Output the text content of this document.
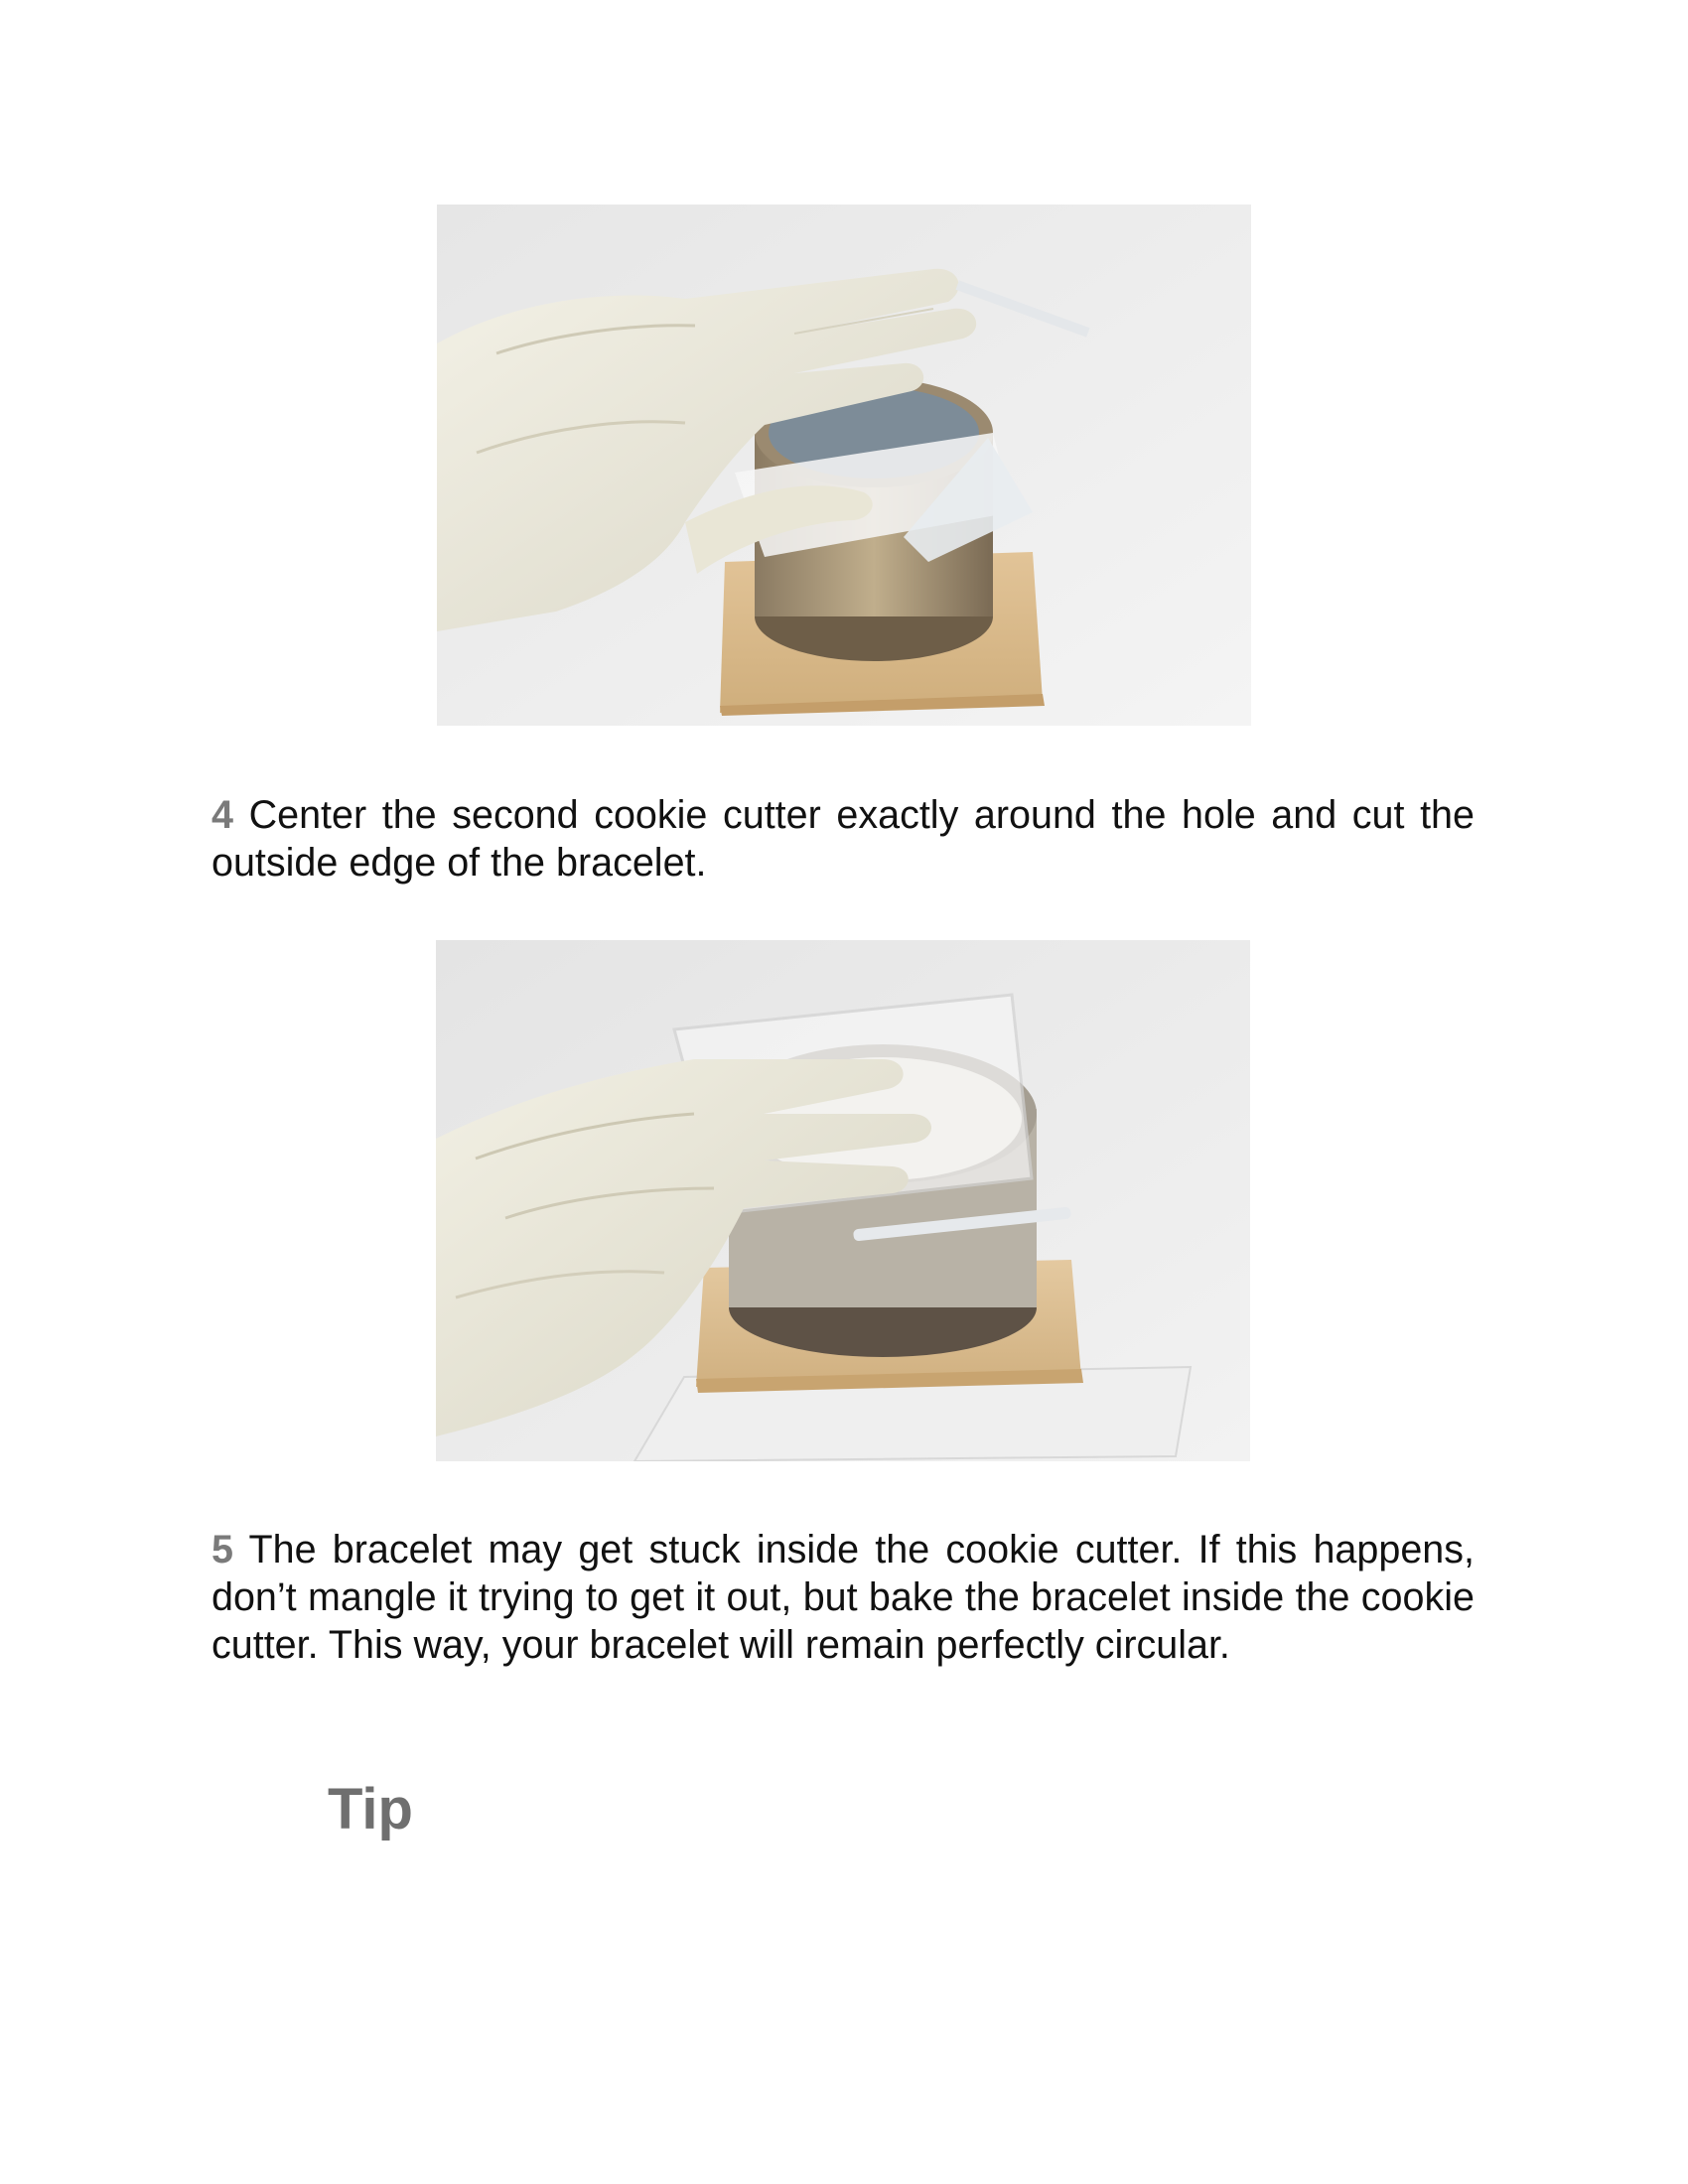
4 Center the second cookie cutter exactly around the hole and cut the outside edge of the bracelet.

5 The bracelet may get stuck inside the cookie cutter. If this happens, don’t mangle it trying to get it out, but bake the bracelet inside the cookie cutter. This way, your bracelet will remain perfectly circular.

Tip
